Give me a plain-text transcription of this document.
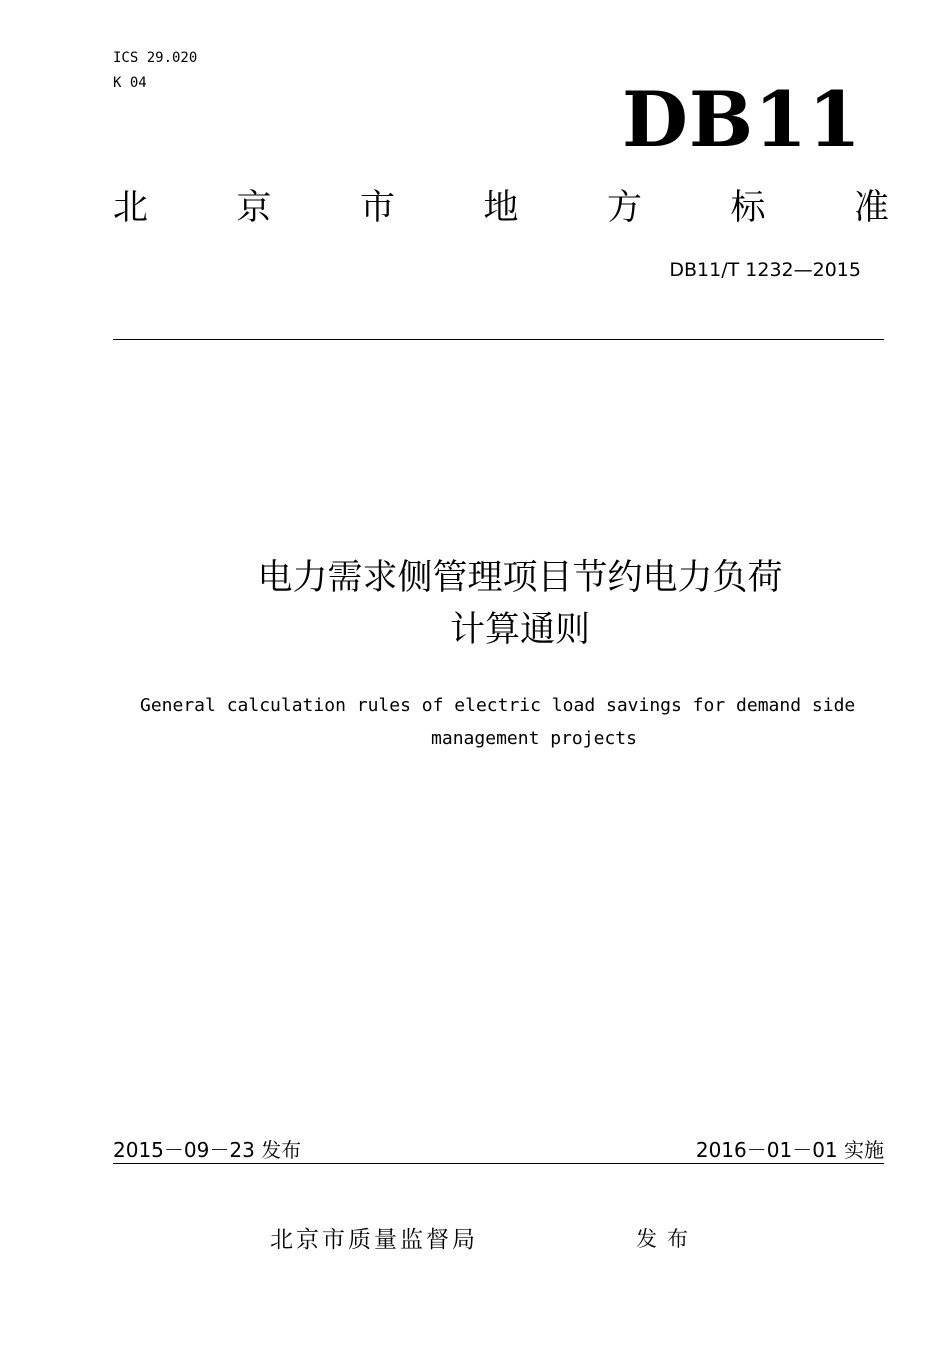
ICS 29.020
K 04	DB11
北京市地方标准
DB11/T 1232—2015
电力需求侧管理项目节约电力负荷
计算通则
General calculation rules of electric load savings for demand side
management projects
2015－09－23 发布	2016－01－01 实施
北京市质量监督局	发布
